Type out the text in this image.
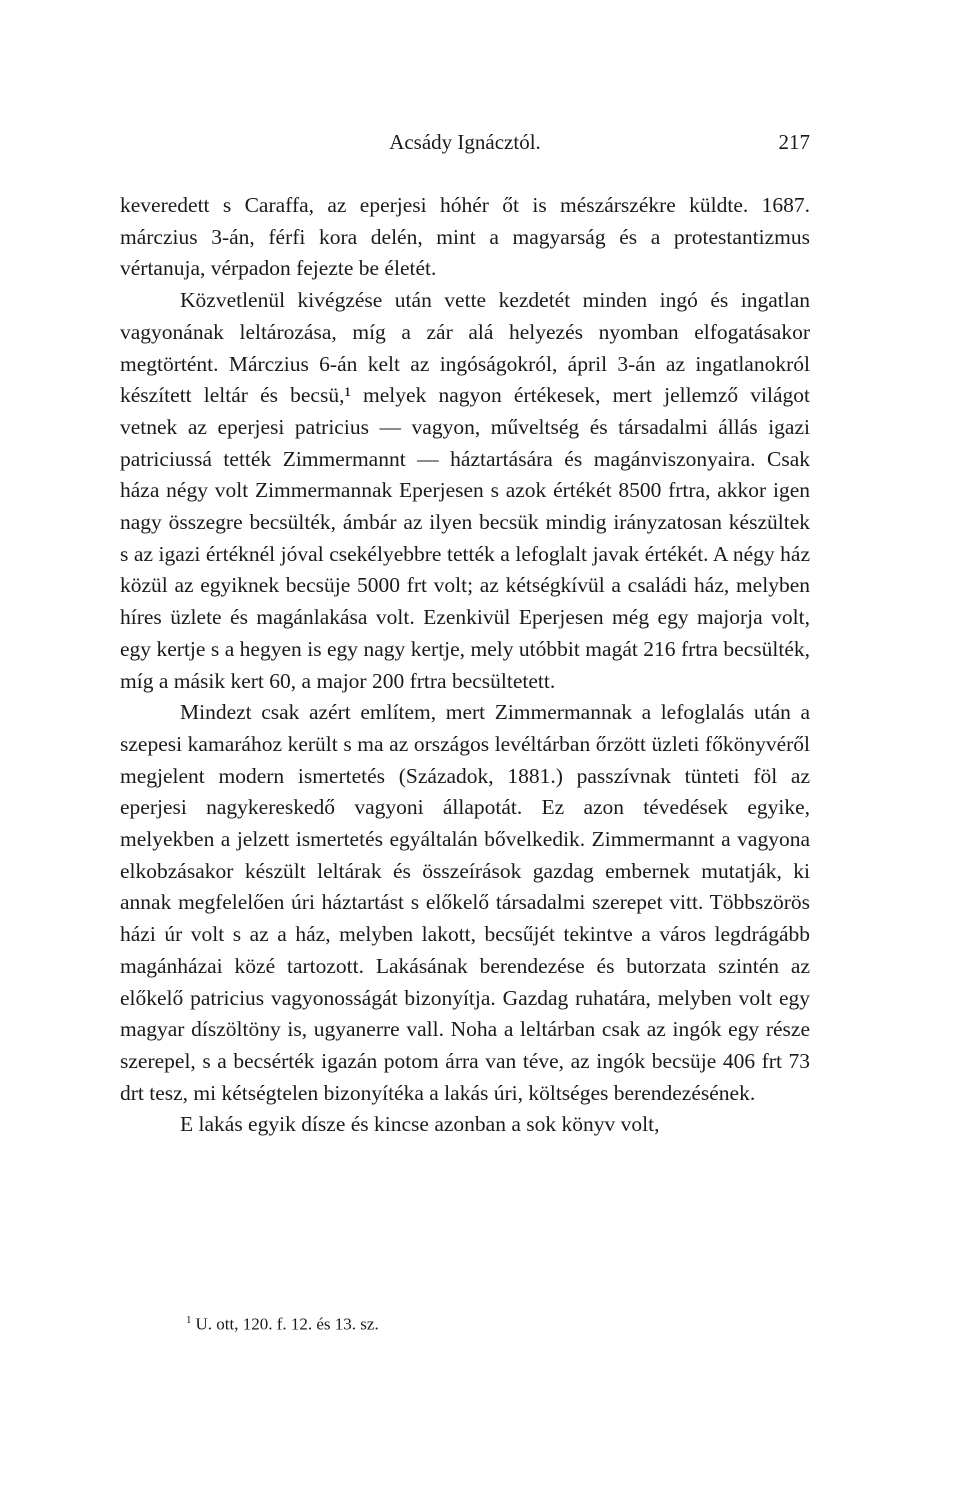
Acsády Ignácztól.	217

keveredett s Caraffa, az eperjesi hóhér őt is mészárszékre küldte. 1687. márczius 3-án, férfi kora delén, mint a magyarság és a protestantizmus vértanuja, vérpadon fejezte be életét.

Közvetlenül kivégzése után vette kezdetét minden ingó és ingatlan vagyonának leltározása, míg a zár alá helyezés nyomban elfogatásakor megtörtént. Márczius 6-án kelt az ingóságokról, ápril 3-án az ingatlanokról készített leltár és becsü,¹ melyek nagyon értékesek, mert jellemző világot vetnek az eperjesi patricius — vagyon, műveltség és társadalmi állás igazi patriciussá tették Zimmermannt — háztartására és magánviszonyaira. Csak háza négy volt Zimmermannak Eperjesen s azok értékét 8500 frtra, akkor igen nagy összegre becsülték, ámbár az ilyen becsük mindig irányzatosan készültek s az igazi értéknél jóval csekélyebbre tették a lefoglalt javak értékét. A négy ház közül az egyiknek becsüje 5000 frt volt; az kétségkívül a családi ház, melyben híres üzlete és magánlakása volt. Ezenkivül Eperjesen még egy majorja volt, egy kertje s a hegyen is egy nagy kertje, mely utóbbit magát 216 frtra becsülték, míg a másik kert 60, a major 200 frtra becsültetett.

Mindezt csak azért említem, mert Zimmermannak a lefoglalás után a szepesi kamarához került s ma az országos levéltárban őrzött üzleti főkönyvéről megjelent modern ismertetés (Századok, 1881.) passzívnak tünteti föl az eperjesi nagykereskedő vagyoni állapotát. Ez azon tévedések egyike, melyekben a jelzett ismertetés egyáltalán bővelkedik. Zimmermannt a vagyona elkobzásakor készült leltárak és összeírások gazdag embernek mutatják, ki annak megfelelően úri háztartást s előkelő társadalmi szerepet vitt. Többszörös házi úr volt s az a ház, melyben lakott, becsűjét tekintve a város legdrágább magánházai közé tartozott. Lakásának berendezése és butorzata szintén az előkelő patricius vagyonosságát bizonyítja. Gazdag ruhatára, melyben volt egy magyar díszöltöny is, ugyanerre vall. Noha a leltárban csak az ingók egy része szerepel, s a becsérték igazán potom árra van téve, az ingók becsüje 406 frt 73 drt tesz, mi kétségtelen bizonyítéka a lakás úri, költséges berendezésének.

E lakás egyik dísze és kincse azonban a sok könyv volt,

$^1$ U. ott, 120. f. 12. és 13. sz.
